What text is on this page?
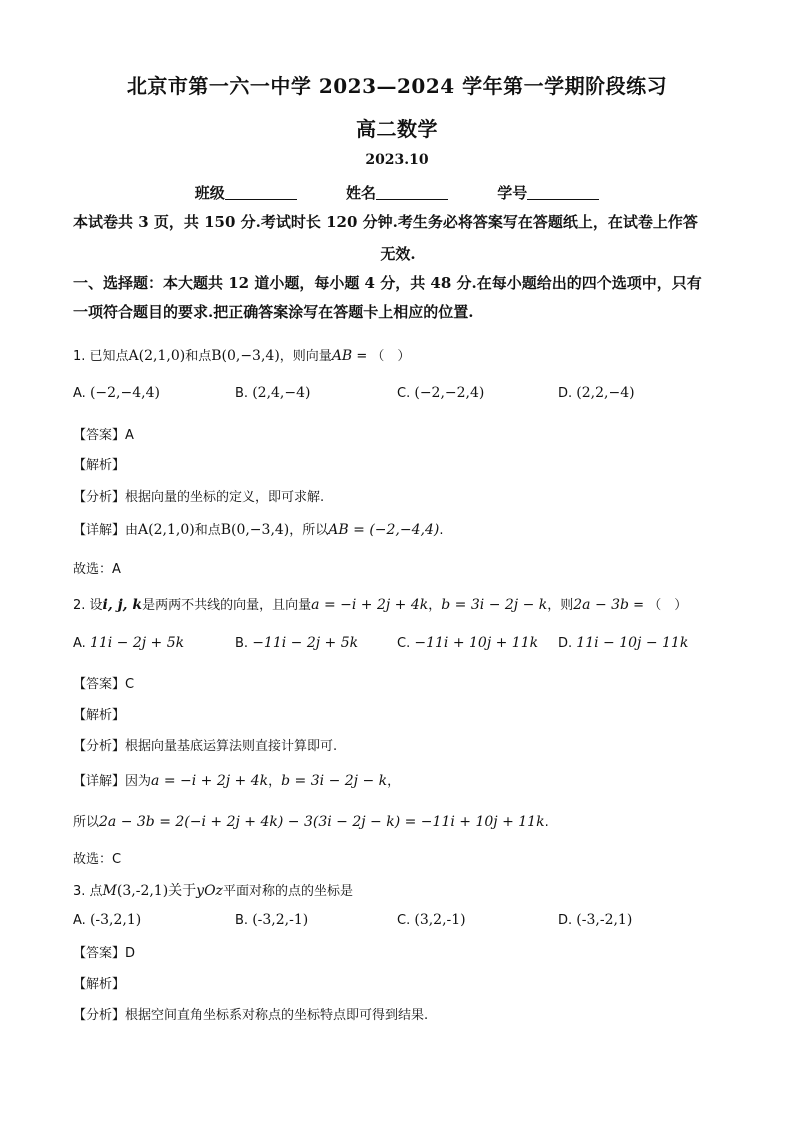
北京市第一六一中学 2023—2024 学年第一学期阶段练习
高二数学
2023.10
班级	姓名	学号
本试卷共 3 页，共 150 分.考试时长 120 分钟.考生务必将答案写在答题纸上，在试卷上作答
无效.
一、选择题：本大题共 12 道小题，每小题 4 分，共 48 分.在每小题给出的四个选项中，只有
一项符合题目的要求.把正确答案涂写在答题卡上相应的位置.
1. 已知点A(2,1,0)和点B(0,−3,4)，则向量AB = （　）
A. (−2,−4,4)	B. (2,4,−4)	C. (−2,−2,4)	D. (2,2,−4)
【答案】A
【解析】
【分析】根据向量的坐标的定义，即可求解.
【详解】由A(2,1,0)和点B(0,−3,4)，所以AB = (−2,−4,4).
故选：A
2. 设i, j, k是两两不共线的向量，且向量a = −i + 2j + 4k，b = 3i − 2j − k，则2a − 3b = （　）
A. 11i − 2j + 5k	B. −11i − 2j + 5k	C. −11i + 10j + 11k D. 11i − 10j − 11k
【答案】C
【解析】
【分析】根据向量基底运算法则直接计算即可.
【详解】因为a = −i + 2j + 4k，b = 3i − 2j − k，
所以2a − 3b = 2(−i + 2j + 4k) − 3(3i − 2j − k) = −11i + 10j + 11k.
故选：C
3. 点M(3,-2,1)关于yOz平面对称的点的坐标是
A. (-3,2,1)	B. (-3,2,-1)	C. (3,2,-1)	D. (-3,-2,1)
【答案】D
【解析】
【分析】根据空间直角坐标系对称点的坐标特点即可得到结果.
